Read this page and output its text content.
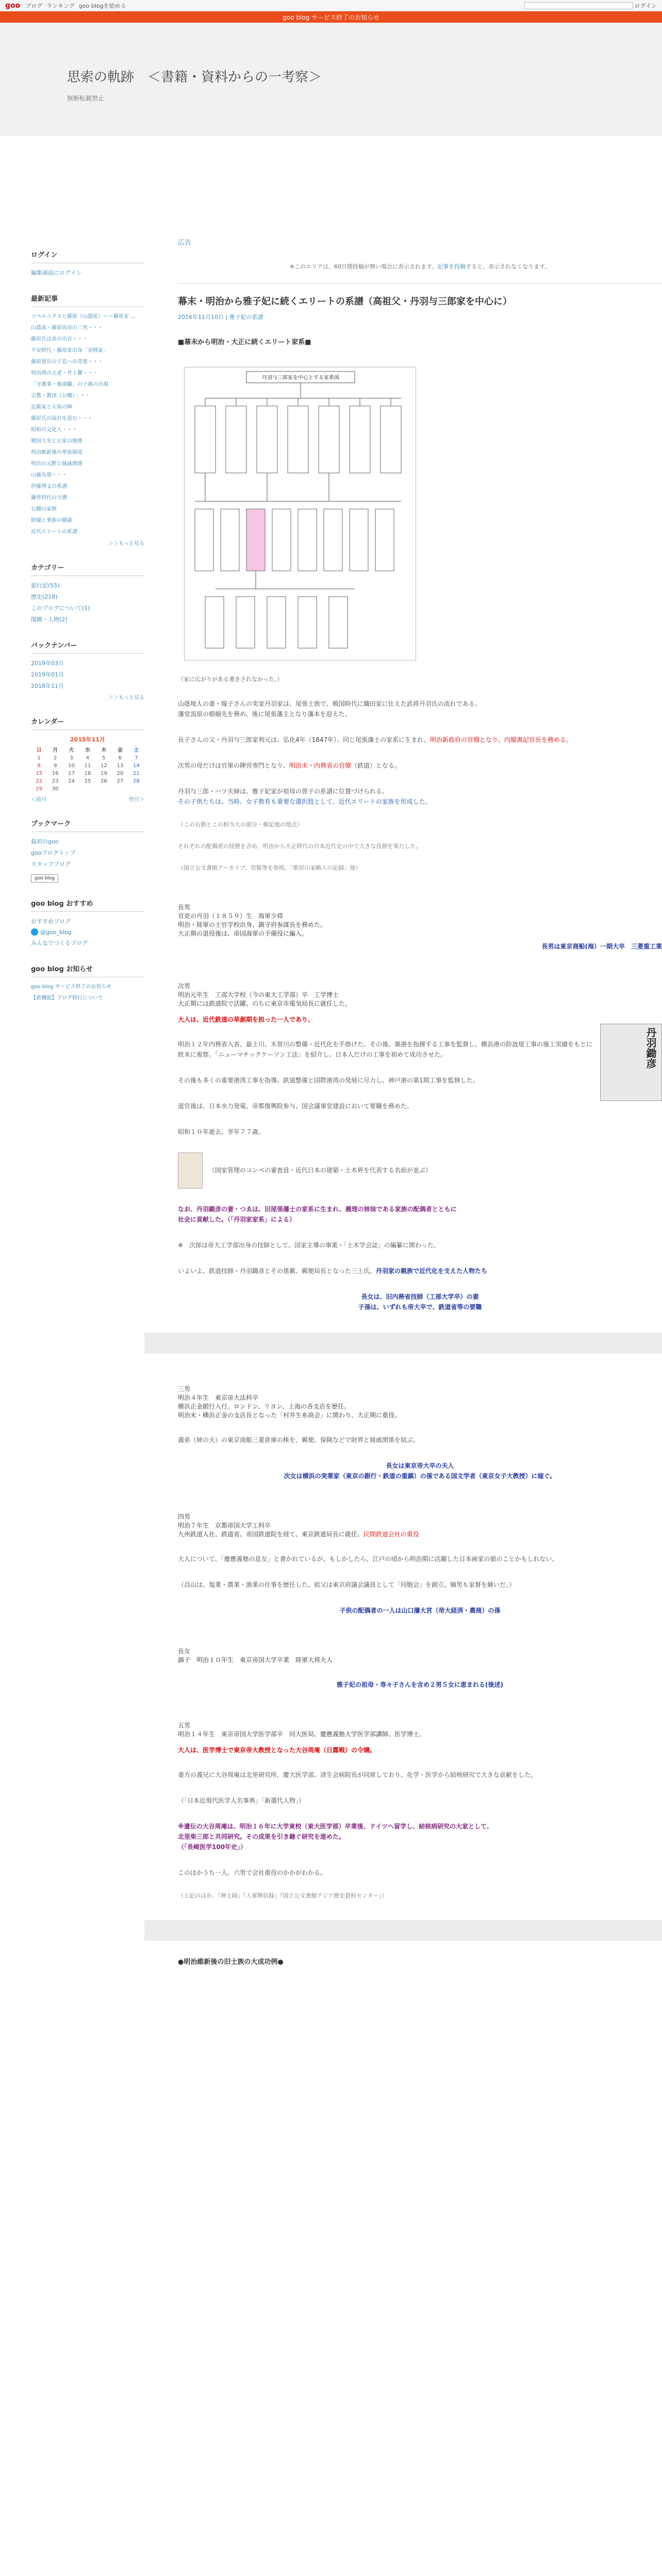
goo ブログ ランキング goo blogを始める	ログイン
goo blog サービス終了のお知らせ
思索の軌跡　＜書籍・資料からの一考察＞
無断転載禁止
ログイン
編集画面にログイン
最新記事
コペルニクスと藤原（山蔭流）ーー藤原家 ...
山蔭流・藤原高房の三男・・・
藤原氏は弟の出自・・・
平安時代・藤原家出身「羽林家」
藤原道長の子息への寄進・・・
明治期の元老・井上馨・・・
「守護事・地頭職」の子孫の出現
宗教・教団（公卿）・・・
近衛家と大坂の陣
藤原氏の流れを汲む・・・
昭和の文化人・・・
戦国大名と公家の関係
明治維新後の華族制度
明治の元勲と縁戚関係
山縣有朋・・・
伊藤博文の系譜
鎌倉時代の守護
公卿の家格
財閥と華族の姻戚
近代エリートの系譜
＞＞もっと見る
カテゴリー
旅行記(55)
歴史(218)
このブログについて(1)
閨閥・人物(2)
バックナンバー
2019年03月
2019年01月
2018年11月
＞＞もっと見る
カレンダー
2015年11月
日	月	火	水	木	金	土
1	2	3	4	5	6	7
8	9	10	11	12	13	14
15	16	17	18	19	20	21
22	23	24	25	26	27	28
29	30
＜前月	翌月＞
ブックマーク
最初のgoo
gooブログトップ
スタッフブログ
goo blog
goo blog おすすめ
おすすめブログ
@goo_blog
みんなでつくるブログ
goo blog お知らせ
goo blog サービス終了のお知らせ
【新機能】ブログ移行について
広告
※このエリアは、60日間投稿が無い場合に表示されます。記事を投稿すると、表示されなくなります。
幕末・明治から雅子妃に続くエリートの系譜（高祖父・丹羽与三郎家を中心に）
2016年11月10日 | 雅子妃の系譜
■幕末から明治・大正に続くエリート家系■
丹羽与三郎家を中心とする家系図
（家に広がりがある書きされなかった。）

山蔭地人の妻・嫁子さんの実家丹羽家は、尾張士族で、戦国時代に織田家に仕えた武将丹羽氏の流れである。
藩堂流原の婚姻先を務め、後に尾張藩主となり藩本を迎えた。

長子さんの父・丹羽与三郎家利元は、弘化4年（1847年）、同じ尾張藩士の家系に生まれ、明治新政府の官僚となり、内閣書記官長を務める。

次男の母だけは官軍の陣営専門となり、明治末・内務省の官僚（鉄道）となる。

丹羽与三郎・ハツ夫婦は、雅子妃家が祖母の曽子の系譜に位置づけられる。
その子供たちは、当時、女子教育も重要な選択肢として、近代エリートの家族を形成した。

（この右側とこの相当大の部分・郵記地の地点）

それぞれの配偶者の経歴を含め、明治から大正時代の日本近代史の中で大きな役割を果たした。

（国立公文書館アーカイブ、官報等を参照。「歌形山家略人の記録」他）

長男
官吏の丹羽（１８５９）生　海軍少将
明治・陸軍の士官学校出身、鎮守府参謀長を務めた。
大正期の退役後は、帝国海軍の予備役に編入。
長男は東京商船(海）一期大卒　三菱重工業
次男
明治元年生　工部大学校（今の東大工学部）卒　工学博士
大正期には鉄道院で活躍、のちに東京市電気局長に就任した。
大人は、近代鉄道の草創期を担った一人であり、
丹羽鋤彦

明治１２年内務省入省。最上川、木曽川の整備・近代化を手掛けた。その後、築港を指揮する工事を監督し、横浜港の防波堤工事の施工実績をもとに欧米に視察。「ニューマチックケーソン工法」を紹介し、日本人だけの工事を初めて成功させた。

その後も多くの重要港湾工事を指導。鉄道整備と国際港湾の発展に尽力し、神戸港の第1期工事を監修した。

退官後は、日本水力発電、帝都復興院参与、国会議事堂建設において要職を務めた。

昭和１０年逝去。享年７７歳。

（国家管理のコンペの審査員・近代日本の建築・土木界を代表する名前が並ぶ）

なお、丹羽鋤彦の妻・つゑは、旧尾張藩士の家系に生まれ、義理の姉妹である家族の配偶者とともに
社会に貢献した。（「丹羽家家系」による）

※　次郎は帝大工学部出身の技師として、国家主導の事業・「土木学会誌」の編纂に関わった。

いよいよ、鉄道技師・丹羽鋤彦とその係累、郵便局長となった三上氏、丹羽家の親族で近代化を支えた人物たち

長女は、旧内務省技師（工部大学卒）の妻
子孫は、いずれも帝大卒で、鉄道省等の要職
三男
明治４年生　東京帝大法科卒
横浜正金銀行入行。ロンドン、リヨン、上海の各支店を歴任。
明治末・横浜正金の支店長となった「村井生糸商会」に関わり、大正期に重役。

義弟（姉の夫）の東京商船三菱倉庫の株を、郵便、保険などで財界と縁戚関係を結ぶ。

長女は東京帝大卒の夫人
次女は横浜の実業家（東京の銀行・鉄道の重鎮）の孫である国文学者（東京女子大教授）に嫁ぐ。
四男
明治７年生　京都帝国大学工科卒
九州鉄道入社、鉄道省、帝国鉄道院を経て、東京鉄道局長に就任。民間鉄道会社の重役

大人について、「慶應義塾の息女」と書かれているが、もしかしたら、江戸の頃から明治期に活躍した日本画家の娘のことかもしれない。

（昌山は、塩業・農業・漁業の仕事を歴任した。祖父は東京府議会議員として「同胞会」を創立。嫡男も家督を継いだ。）

子供の配偶者の一人は山口藩大宮（帝大経済・農商）の孫
長女
錦子　明治１０年生　東京帝国大学卒業　陸軍大将夫人
雅子妃の祖母・寿々子さんを含め２男５女に恵まれる(後述)
五男
明治１４年生　東京帝国大学医学部卒　同大医局、慶應義塾大学医学部講師、医学博士。
大人は、医学博士で東京帝大教授となった大谷周庵（日露戦）の令嬢。

妻方の義兄に大谷周庵は北里研究所、慶大医学部、済生会病院長が同席しており、化学・医学から結核研究で大きな貢献をした。

（「日本近現代医学人名事典」「新選代人物」）

※遺伝の大谷周庵は、明治１６年に大学東校（東大医学部）卒業後、ドイツへ留学し、結核病研究の大家として、
北里柴三郎と共同研究。その成果を引き継ぐ研究を進めた。
（「長崎医学100年史」）

このほかうち一人、六男で会社重役のかかがわかる。

（上記のほか、『神士録』『人事興信録』『国立公文書館アジア歴史資料センター』）

●明治維新後の旧士族の大成功例●
